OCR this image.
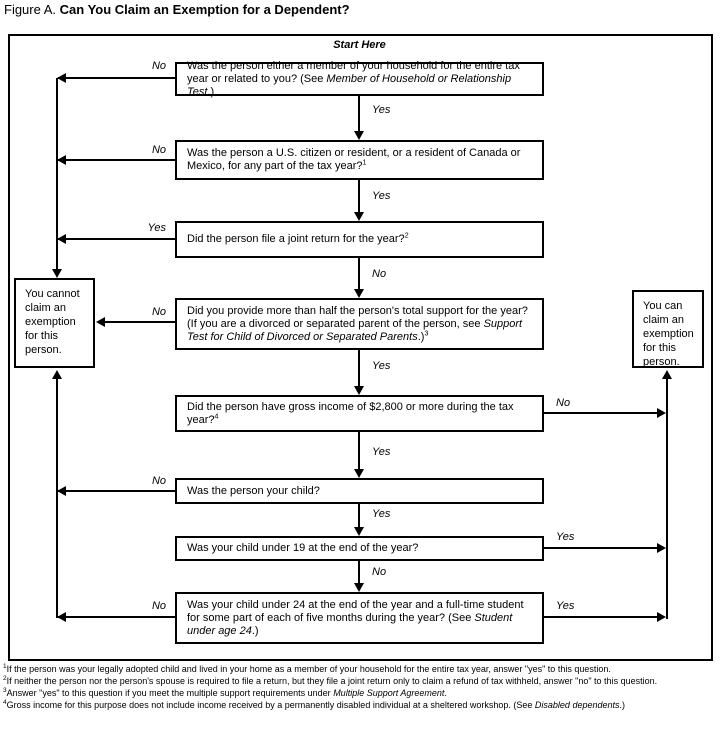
Figure A. Can You Claim an Exemption for a Dependent?
Start Here
Was the person either a member of your household for the entire tax year or related to you? (See Member of Household or Relationship Test.)
Was the person a U.S. citizen or resident, or a resident of Canada or Mexico, for any part of the tax year?$^1$
Did the person file a joint return for the year?$^2$
Did you provide more than half the person's total support for the year? (If you are a divorced or separated parent of the person, see Support Test for Child of Divorced or Separated Parents.)$^3$
Did the person have gross income of $2,800 or more during the tax year?$^4$
Was the person your child?
Was your child under 19 at the end of the year?
Was your child under 24 at the end of the year and a full-time student for some part of each of five months during the year? (See Student under age 24.)
You cannot claim an exemption for this person.
You can claim an exemption for this person.
Yes
Yes
No
Yes
Yes
Yes
No
No
No
Yes
No
No
No
No
Yes
Yes
$^1$If the person was your legally adopted child and lived in your home as a member of your household for the entire tax year, answer "yes" to this question.
$^2$If neither the person nor the person's spouse is required to file a return, but they file a joint return only to claim a refund of tax withheld, answer "no" to this question.
$^3$Answer "yes" to this question if you meet the multiple support requirements under Multiple Support Agreement.
$^4$Gross income for this purpose does not include income received by a permanently disabled individual at a sheltered workshop. (See Disabled dependents.)
